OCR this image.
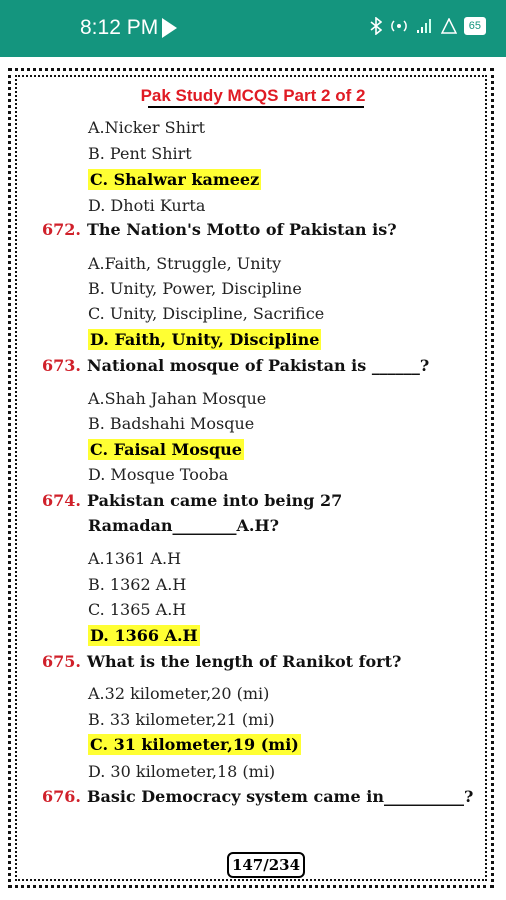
8:12 PM	65
Pak Study MCQS Part 2 of 2
A.Nicker Shirt
B. Pent Shirt
C. Shalwar kameez
D. Dhoti Kurta
672. The Nation's Motto of Pakistan is?
A.Faith, Struggle, Unity
B. Unity, Power, Discipline
C. Unity, Discipline, Sacrifice
D. Faith, Unity, Discipline
673. National mosque of Pakistan is ______?
A.Shah Jahan Mosque
B. Badshahi Mosque
C. Faisal Mosque
D. Mosque Tooba
674. Pakistan came into being 27
Ramadan________A.H?
A.1361 A.H
B. 1362 A.H
C. 1365 A.H
D. 1366 A.H
675. What is the length of Ranikot fort?
A.32 kilometer,20 (mi)
B. 33 kilometer,21 (mi)
C. 31 kilometer,19 (mi)
D. 30 kilometer,18 (mi)
676. Basic Democracy system came in__________?
147/234
